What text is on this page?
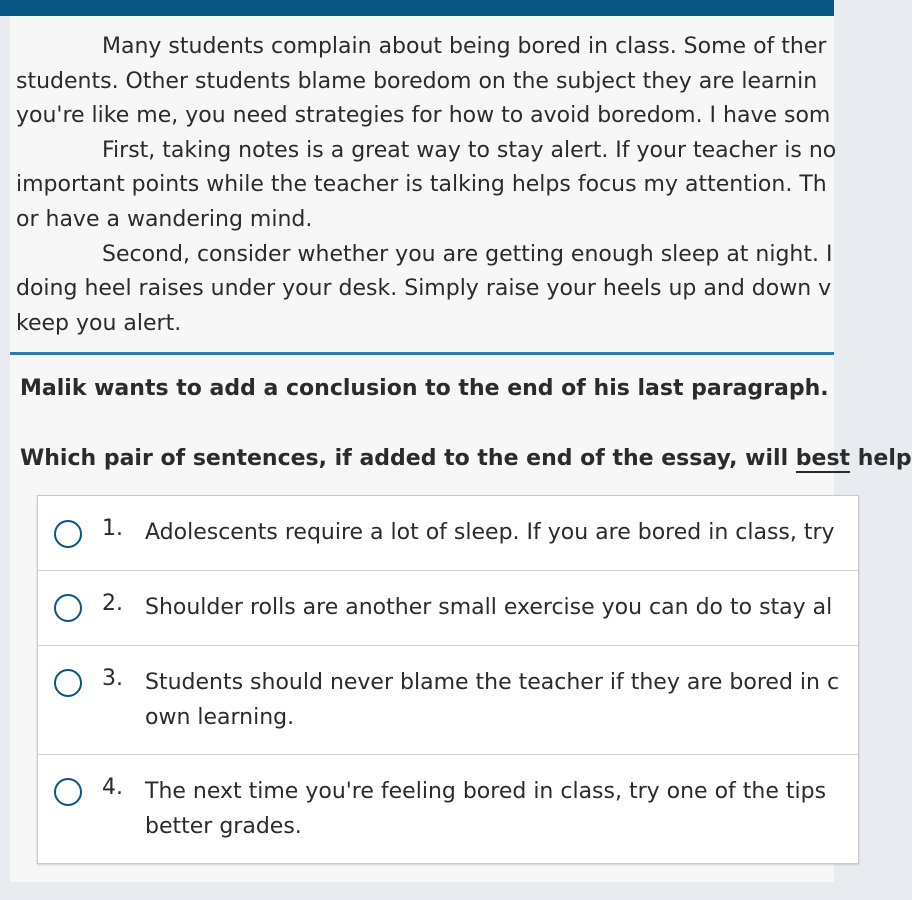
Many students complain about being bored in class. Some of ther
students. Other students blame boredom on the subject they are learnin
you're like me, you need strategies for how to avoid boredom. I have som
First, taking notes is a great way to stay alert. If your teacher is no
important points while the teacher is talking helps focus my attention. Th
or have a wandering mind.
Second, consider whether you are getting enough sleep at night. I
doing heel raises under your desk. Simply raise your heels up and down v
keep you alert.
Malik wants to add a conclusion to the end of his last paragraph.
Which pair of sentences, if added to the end of the essay, will best help
1. Adolescents require a lot of sleep. If you are bored in class, try
2. Shoulder rolls are another small exercise you can do to stay al
3. Students should never blame the teacher if they are bored in c
own learning.
4. The next time you're feeling bored in class, try one of the tips
better grades.
